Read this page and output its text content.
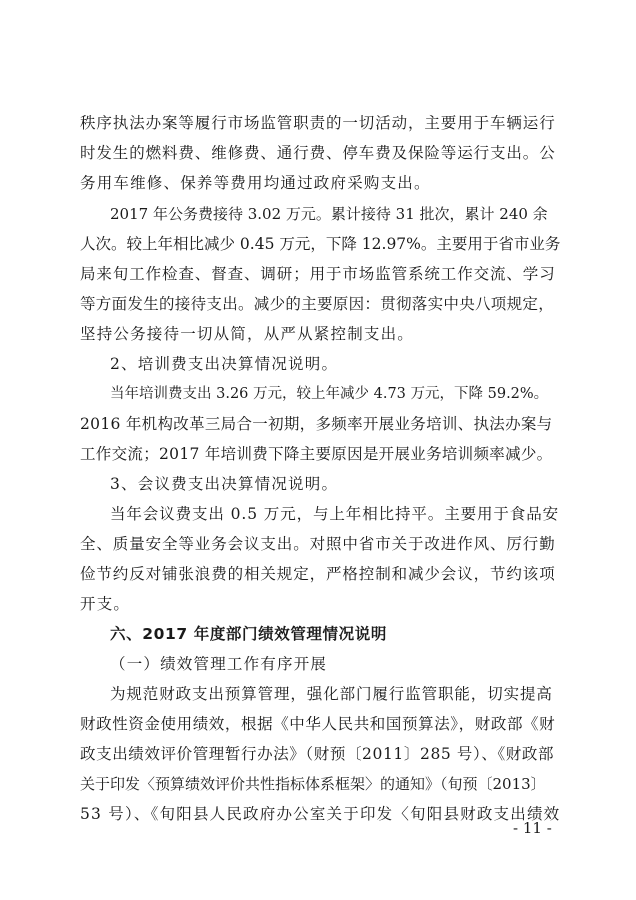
秩序执法办案等履行市场监管职责的一切活动，主要用于车辆运行
时发生的燃料费、维修费、通行费、停车费及保险等运行支出。公
务用车维修、保养等费用均通过政府采购支出。
2017 年公务费接待 3.02 万元。累计接待 31 批次，累计 240 余
人次。较上年相比减少 0.45 万元，下降 12.97%。主要用于省市业务
局来旬工作检查、督查、调研；用于市场监管系统工作交流、学习
等方面发生的接待支出。减少的主要原因：贯彻落实中央八项规定，
坚持公务接待一切从简，从严从紧控制支出。
2、培训费支出决算情况说明。
当年培训费支出 3.26 万元，较上年减少 4.73 万元，下降 59.2%。
2016 年机构改革三局合一初期，多频率开展业务培训、执法办案与
工作交流；2017 年培训费下降主要原因是开展业务培训频率减少。
3、会议费支出决算情况说明。
当年会议费支出 0.5 万元，与上年相比持平。主要用于食品安
全、质量安全等业务会议支出。对照中省市关于改进作风、厉行勤
俭节约反对铺张浪费的相关规定，严格控制和减少会议，节约该项
开支。
六、2017 年度部门绩效管理情况说明
（一）绩效管理工作有序开展
为规范财政支出预算管理，强化部门履行监管职能，切实提高
财政性资金使用绩效，根据《中华人民共和国预算法》，财政部《财
政支出绩效评价管理暂行办法》（财预〔2011〕285 号）、《财政部
关于印发〈预算绩效评价共性指标体系框架〉的通知》（旬预〔2013〕
53 号）、《旬阳县人民政府办公室关于印发〈旬阳县财政支出绩效
- 11 -
